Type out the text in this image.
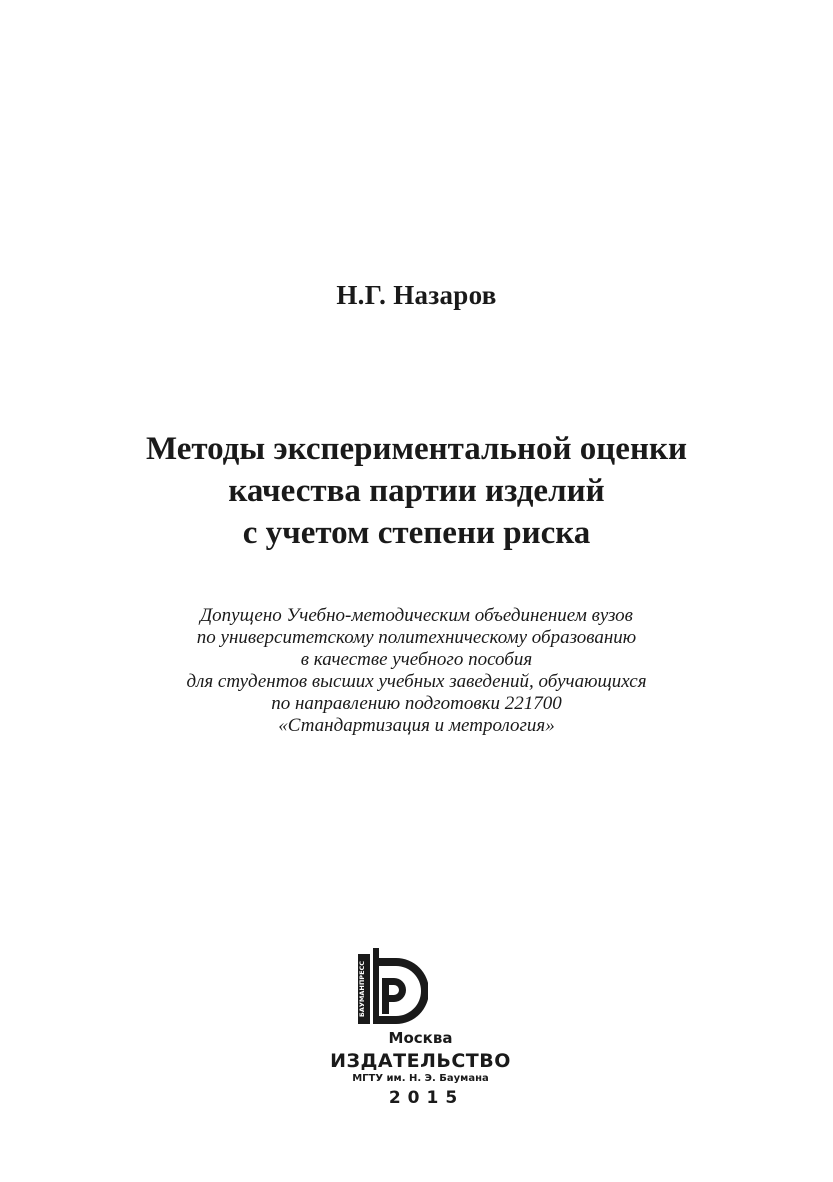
Н.Г. Назаров
Методы экспериментальной оценки
качества партии изделий
с учетом степени риска
Допущено Учебно-методическим объединением вузов
по университетскому политехническому образованию
в качестве учебного пособия
для студентов высших учебных заведений, обучающихся
по направлению подготовки 221700
«Стандартизация и метрология»
БАУМАНПРЕСС
Москва
ИЗДАТЕЛЬСТВО
МГТУ им. Н. Э. Баумана
2015
